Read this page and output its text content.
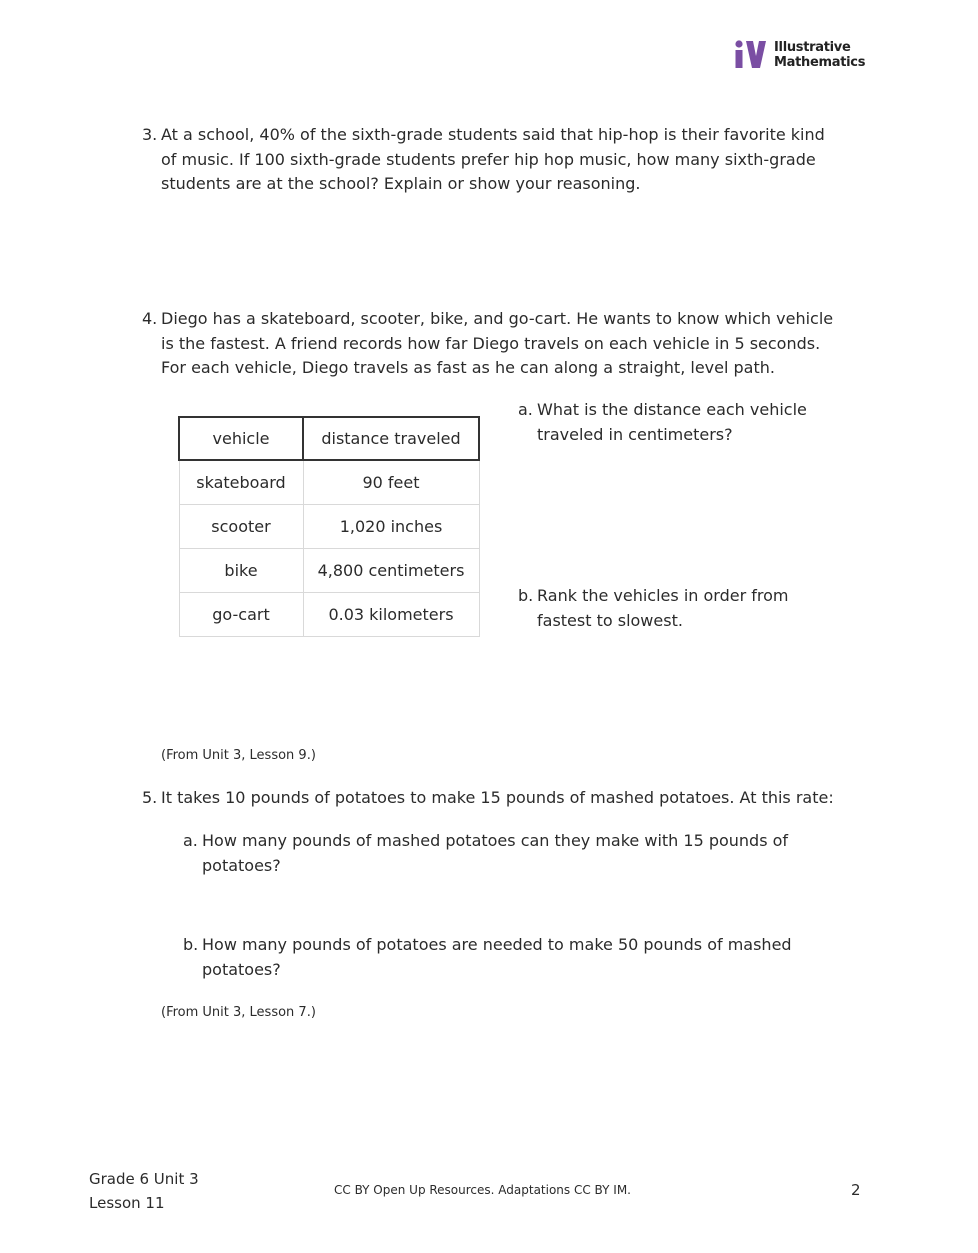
Illustrative
Mathematics
3. At a school, 40% of the sixth-grade students said that hip-hop is their favorite kind of music. If 100 sixth-grade students prefer hip hop music, how many sixth-grade students are at the school? Explain or show your reasoning.
4. Diego has a skateboard, scooter, bike, and go-cart. He wants to know which vehicle is the fastest. A friend records how far Diego travels on each vehicle in 5 seconds. For each vehicle, Diego travels as fast as he can along a straight, level path.
vehicle	distance traveled
skateboard	90 feet
scooter	1,020 inches
bike	4,800 centimeters
go-cart	0.03 kilometers
a. What is the distance each vehicle traveled in centimeters?
b. Rank the vehicles in order from fastest to slowest.
(From Unit 3, Lesson 9.)
5. It takes 10 pounds of potatoes to make 15 pounds of mashed potatoes. At this rate:
a. How many pounds of mashed potatoes can they make with 15 pounds of potatoes?
b. How many pounds of potatoes are needed to make 50 pounds of mashed potatoes?
(From Unit 3, Lesson 7.)
Grade 6 Unit 3
Lesson 11
CC BY Open Up Resources. Adaptations CC BY IM.	2
